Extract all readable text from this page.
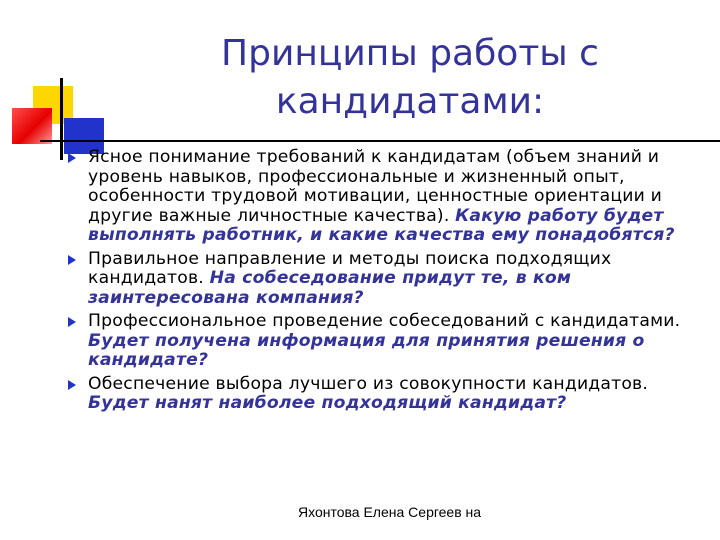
Принципы работы с кандидатами:
Ясное понимание требований к кандидатам (объем знаний и уровень навыков, профессиональные и жизненный опыт, особенности трудовой мотивации, ценностные ориентации и другие важные личностные качества). Какую работу будет выполнять работник, и какие качества ему понадобятся?
Правильное направление и методы поиска подходящих кандидатов. На собеседование придут те, в ком заинтересована компания?
Профессиональное проведение собеседований с кандидатами. Будет получена информация для принятия решения о кандидате?
Обеспечение выбора лучшего из совокупности кандидатов. Будет нанят наиболее подходящий кандидат?
Яхонтова Елена Сергеев на
